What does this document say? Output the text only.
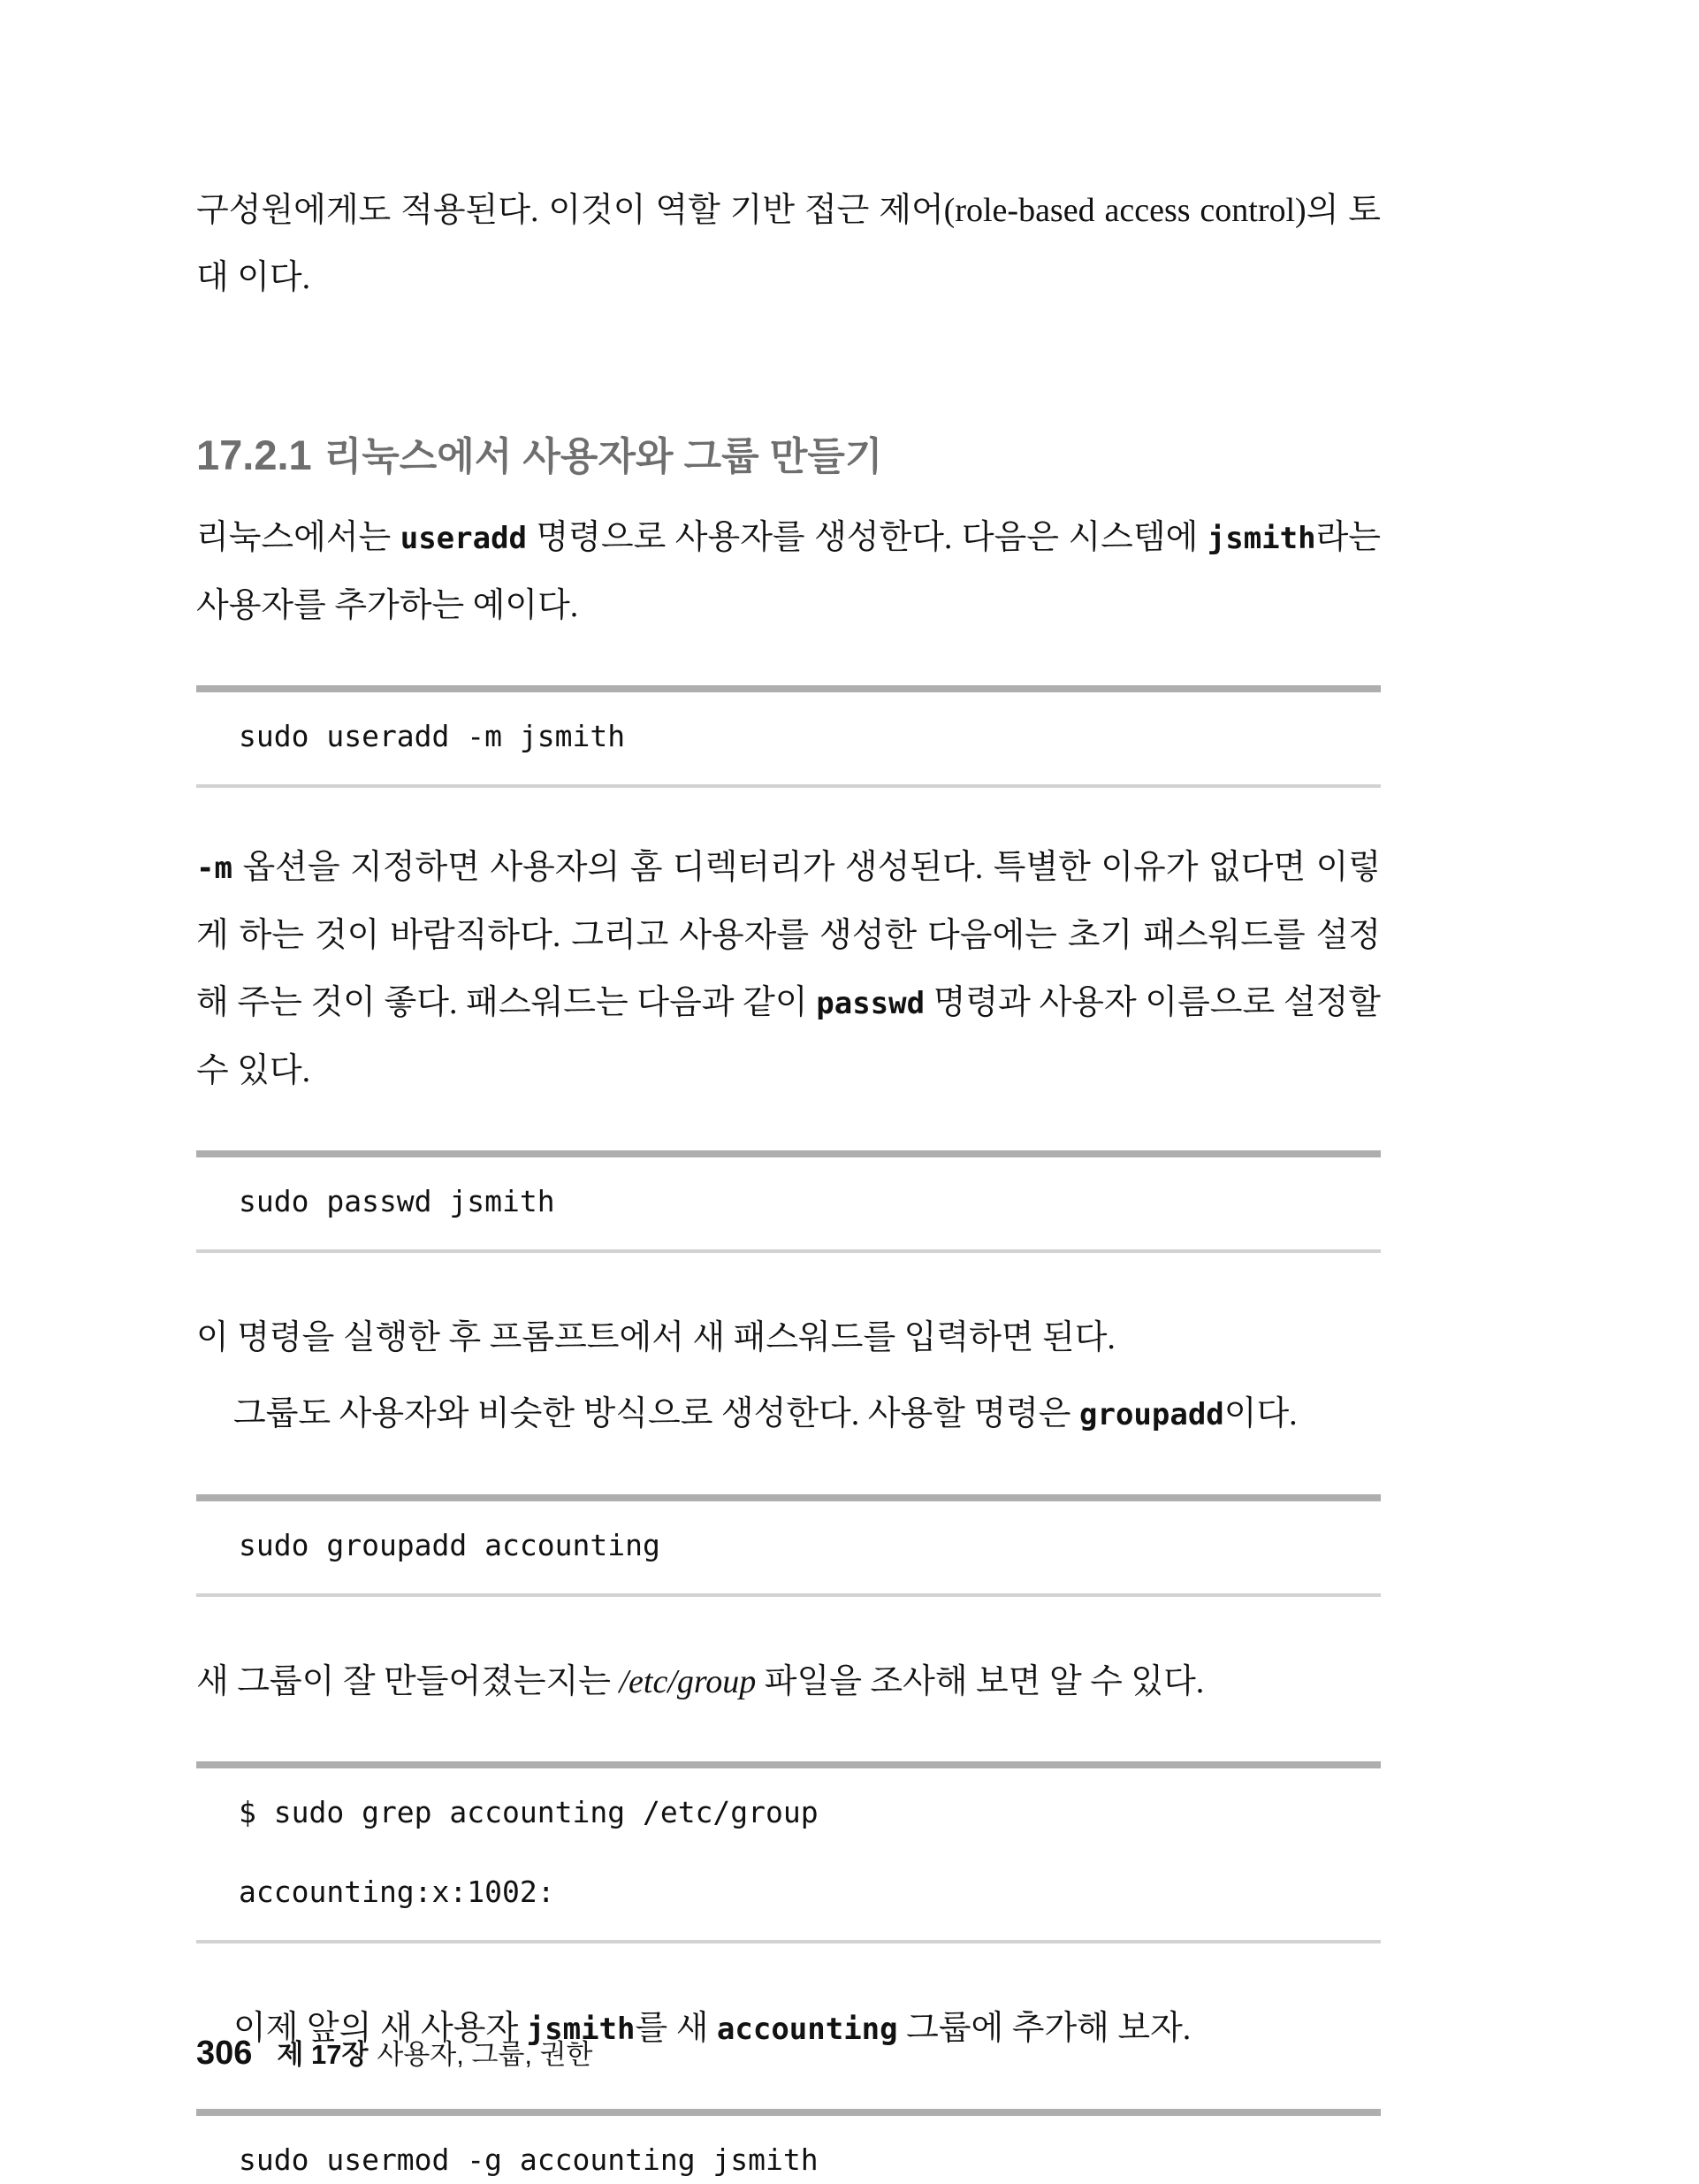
구성원에게도 적용된다. 이것이 역할 기반 접근 제어(role-based access control)의 토대 이다.

17.2.1 리눅스에서 사용자와 그룹 만들기

리눅스에서는 useradd 명령으로 사용자를 생성한다. 다음은 시스템에 jsmith라는 사용자를 추가하는 예이다.

sudo useradd -m jsmith

-m 옵션을 지정하면 사용자의 홈 디렉터리가 생성된다. 특별한 이유가 없다면 이렇게 하는 것이 바람직하다. 그리고 사용자를 생성한 다음에는 초기 패스워드를 설정해 주는 것이 좋다. 패스워드는 다음과 같이 passwd 명령과 사용자 이름으로 설정할 수 있다.

sudo passwd jsmith

이 명령을 실행한 후 프롬프트에서 새 패스워드를 입력하면 된다.

그룹도 사용자와 비슷한 방식으로 생성한다. 사용할 명령은 groupadd이다.

sudo groupadd accounting

새 그룹이 잘 만들어졌는지는 /etc/group 파일을 조사해 보면 알 수 있다.

$ sudo grep accounting /etc/group
accounting:x:1002:

이제 앞의 새 사용자 jsmith를 새 accounting 그룹에 추가해 보자.

sudo usermod -g accounting jsmith
306 제 17장 사용자, 그룹, 권한
